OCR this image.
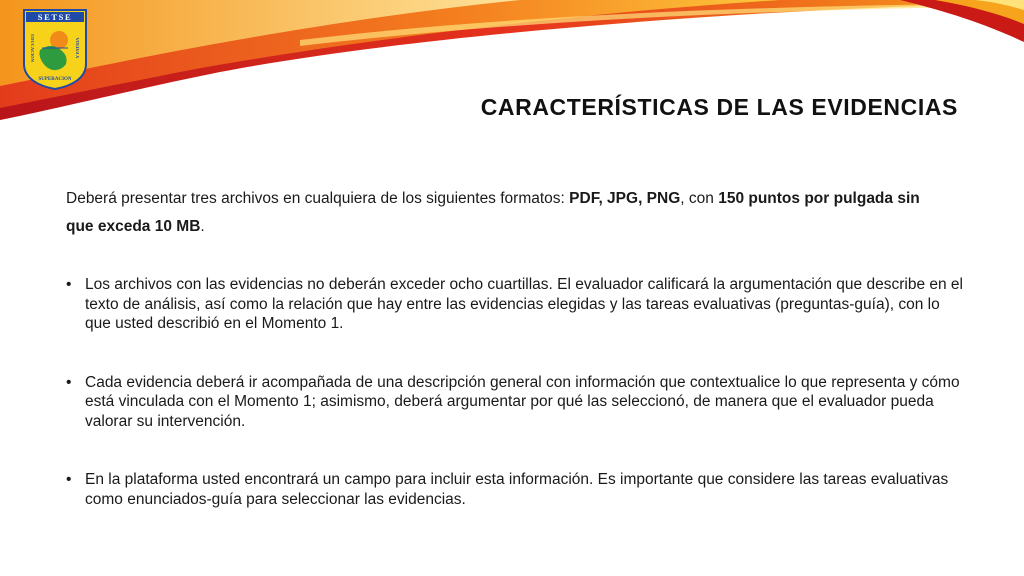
SETSE
EDUCACION	Y PATRIA
SUPERACION
CARACTERÍSTICAS DE LAS EVIDENCIAS

Deberá presentar tres archivos en cualquiera de los siguientes formatos: PDF, JPG, PNG, con 150 puntos por pulgada sin que exceda 10 MB.

• Los archivos con las evidencias no deberán exceder ocho cuartillas. El evaluador calificará la argumentación que describe en el texto de análisis, así como la relación que hay entre las evidencias elegidas y las tareas evaluativas (preguntas-guía), con lo que usted describió en el Momento 1.
• Cada evidencia deberá ir acompañada de una descripción general con información que contextualice lo que representa y cómo está vinculada con el Momento 1; asimismo, deberá argumentar por qué las seleccionó, de manera que el evaluador pueda valorar su intervención.
• En la plataforma usted encontrará un campo para incluir esta información. Es importante que considere las tareas evaluativas como enunciados-guía para seleccionar las evidencias.
